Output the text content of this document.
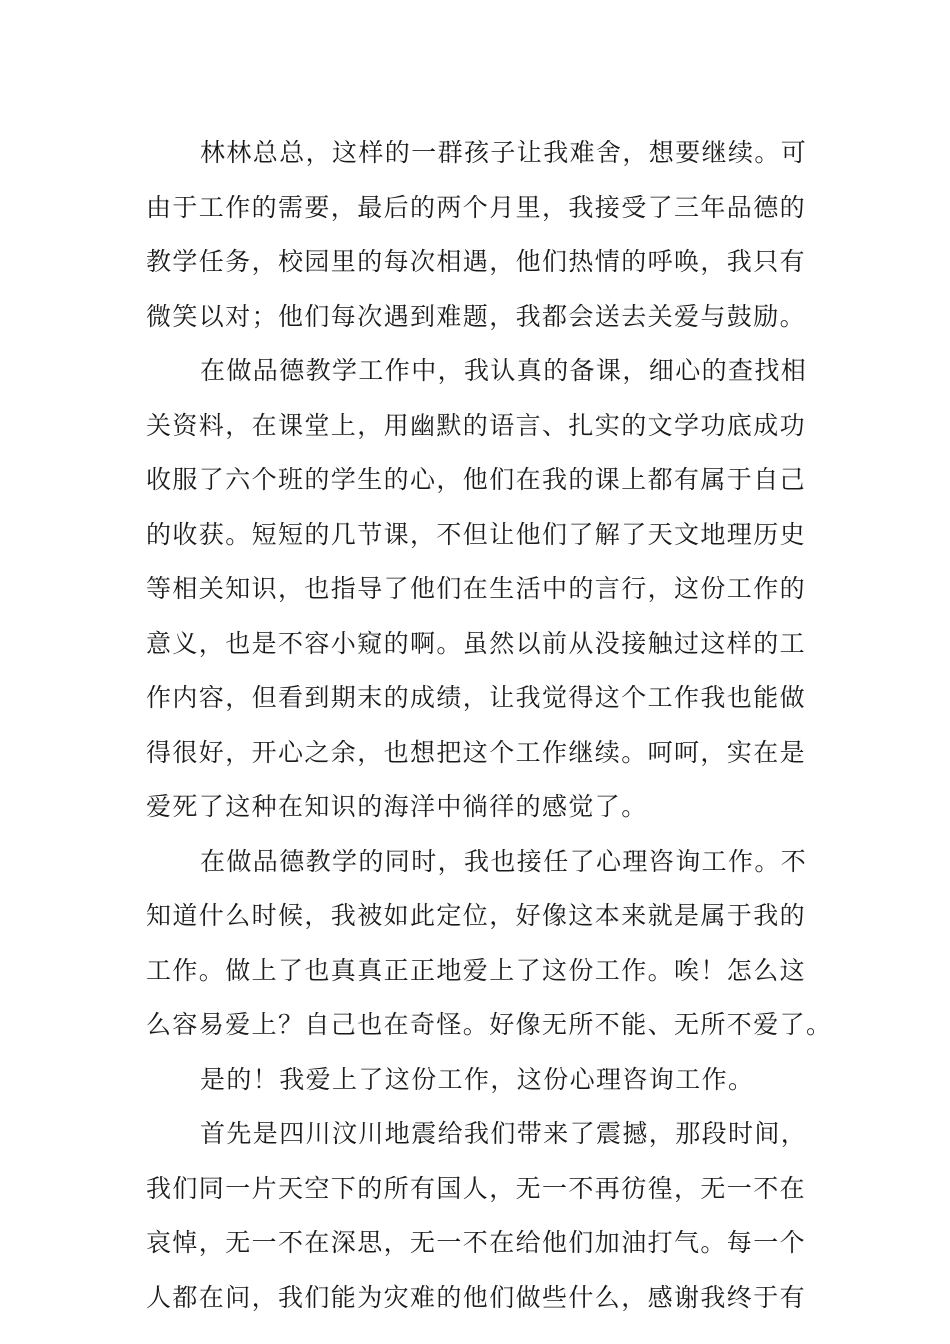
林林总总，这样的一群孩子让我难舍，想要继续。可
由于工作的需要，最后的两个月里，我接受了三年品德的
教学任务，校园里的每次相遇，他们热情的呼唤，我只有
微笑以对；他们每次遇到难题，我都会送去关爱与鼓励。

在做品德教学工作中，我认真的备课，细心的查找相
关资料，在课堂上，用幽默的语言、扎实的文学功底成功
收服了六个班的学生的心，他们在我的课上都有属于自己
的收获。短短的几节课，不但让他们了解了天文地理历史
等相关知识，也指导了他们在生活中的言行，这份工作的
意义，也是不容小窥的啊。虽然以前从没接触过这样的工
作内容，但看到期末的成绩，让我觉得这个工作我也能做
得很好，开心之余，也想把这个工作继续。呵呵，实在是
爱死了这种在知识的海洋中徜徉的感觉了。

在做品德教学的同时，我也接任了心理咨询工作。不
知道什么时候，我被如此定位，好像这本来就是属于我的
工作。做上了也真真正正地爱上了这份工作。唉！怎么这
么容易爱上？自己也在奇怪。好像无所不能、无所不爱了。

是的！我爱上了这份工作，这份心理咨询工作。

首先是四川汶川地震给我们带来了震撼，那段时间，
我们同一片天空下的所有国人，无一不再彷徨，无一不在
哀悼，无一不在深思，无一不在给他们加油打气。每一个
人都在问，我们能为灾难的他们做些什么，感谢我终于有
